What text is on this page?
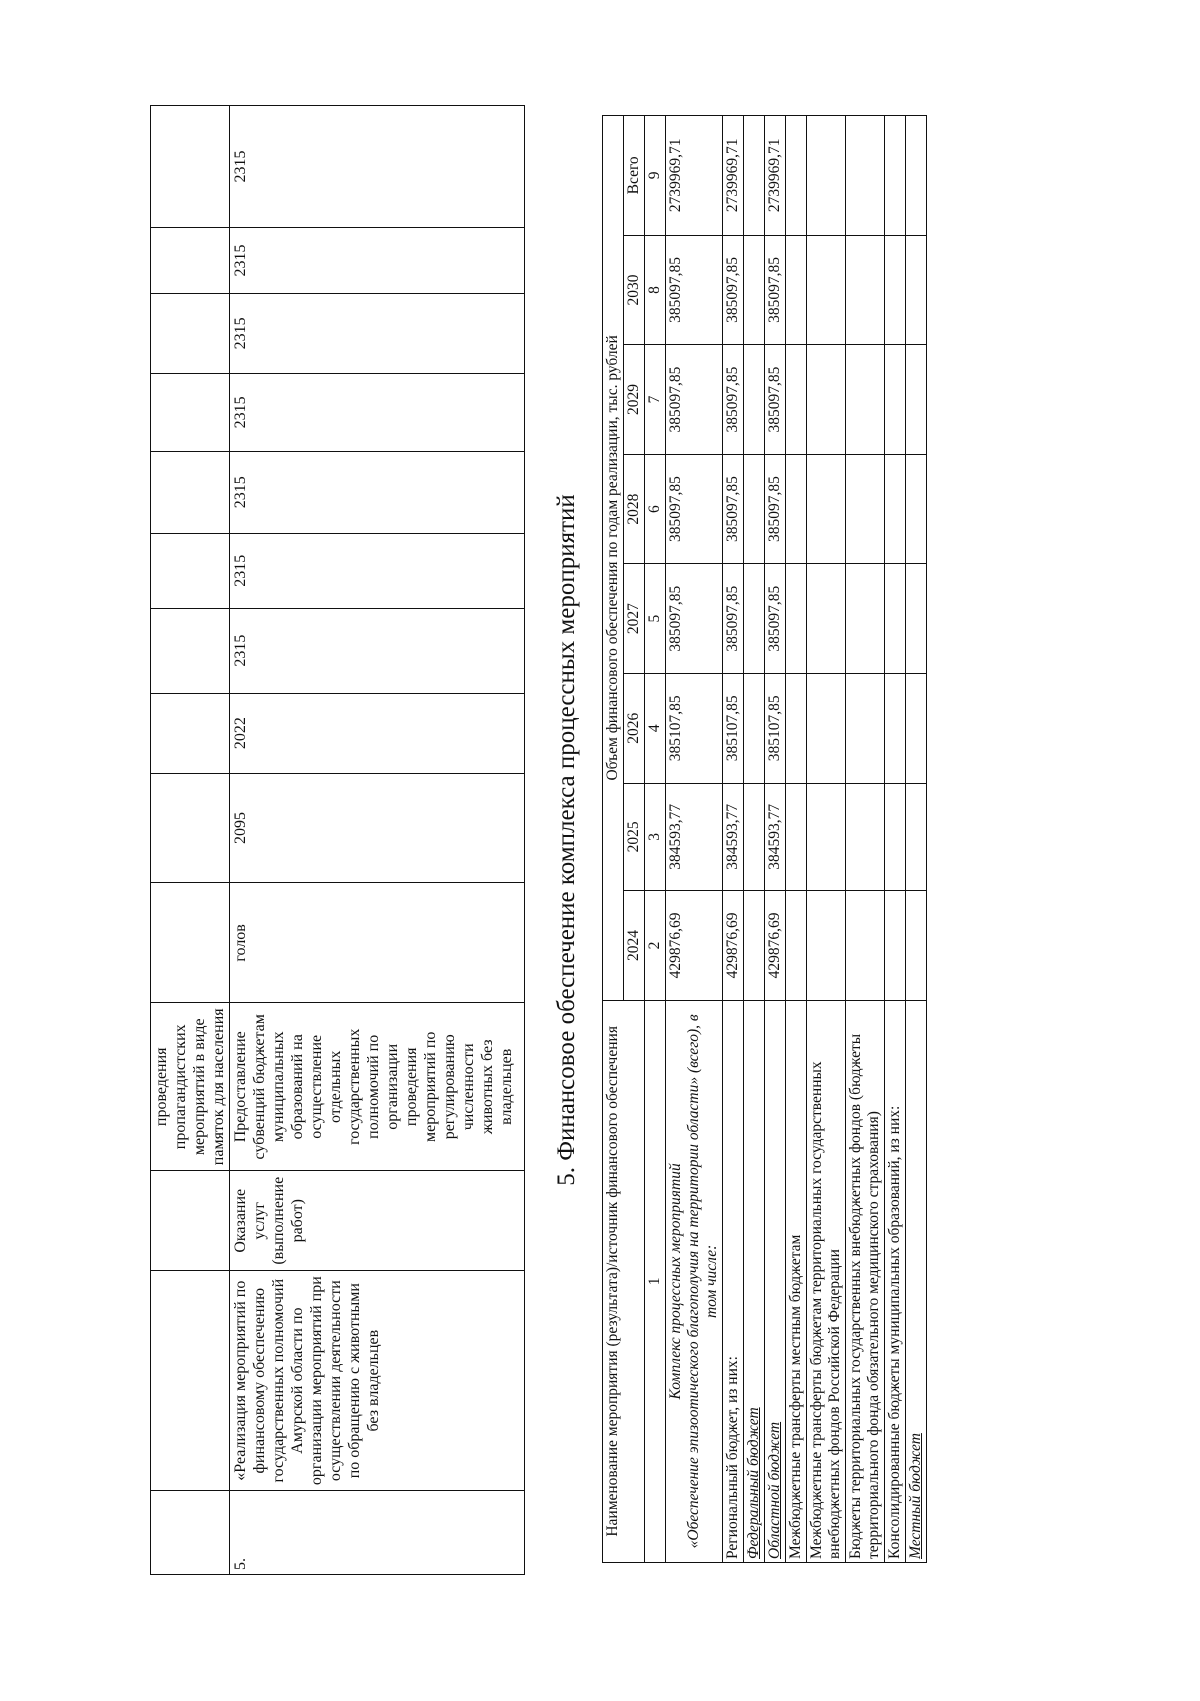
			проведения пропагандистских мероприятий в виде памяток для населения										
5.	«Реализация мероприятий по финансовому обеспечению государственных полномочий Амурской области по организации мероприятий при осуществлении деятельности по обращению с животными без владельцев	Оказание услуг (выполнение работ)	Предоставление субвенций бюджетам муниципальных образований на осуществление отдельных государственных полномочий по организации проведения мероприятий по регулированию численности животных без владельцев	голов	2095	2022	2315	2315	2315	2315	2315	2315	2315
5. Финансовое обеспечение комплекса процессных мероприятий
Наименование мероприятия (результата)/источник финансового обеспечения	Объем финансового обеспечения по годам реализации, тыс. рублей							
	2024	2025	2026	2027	2028	2029	2030	Всего
1	2	3	4	5	6	7	8	9

Комплекс процессных мероприятий «Обеспечение эпизоотического благополучия на территории области» (всего), в том числе:	429876,69	384593,77	385107,85	385097,85	385097,85	385097,85	385097,85	2739969,71
Региональный бюджет, из них:	429876,69	384593,77	385107,85	385097,85	385097,85	385097,85	385097,85	2739969,71
Федеральный бюджет								
Областной бюджет	429876,69	384593,77	385107,85	385097,85	385097,85	385097,85	385097,85	2739969,71
Межбюджетные трансферты местным бюджетам								
Межбюджетные трансферты бюджетам территориальных государственных внебюджетных фондов Российской Федерации								
Бюджеты территориальных государственных внебюджетных фондов (бюджеты территориального фонда обязательного медицинского страхования)								
Консолидированные бюджеты муниципальных образований, из них:								
Местный бюджет								
